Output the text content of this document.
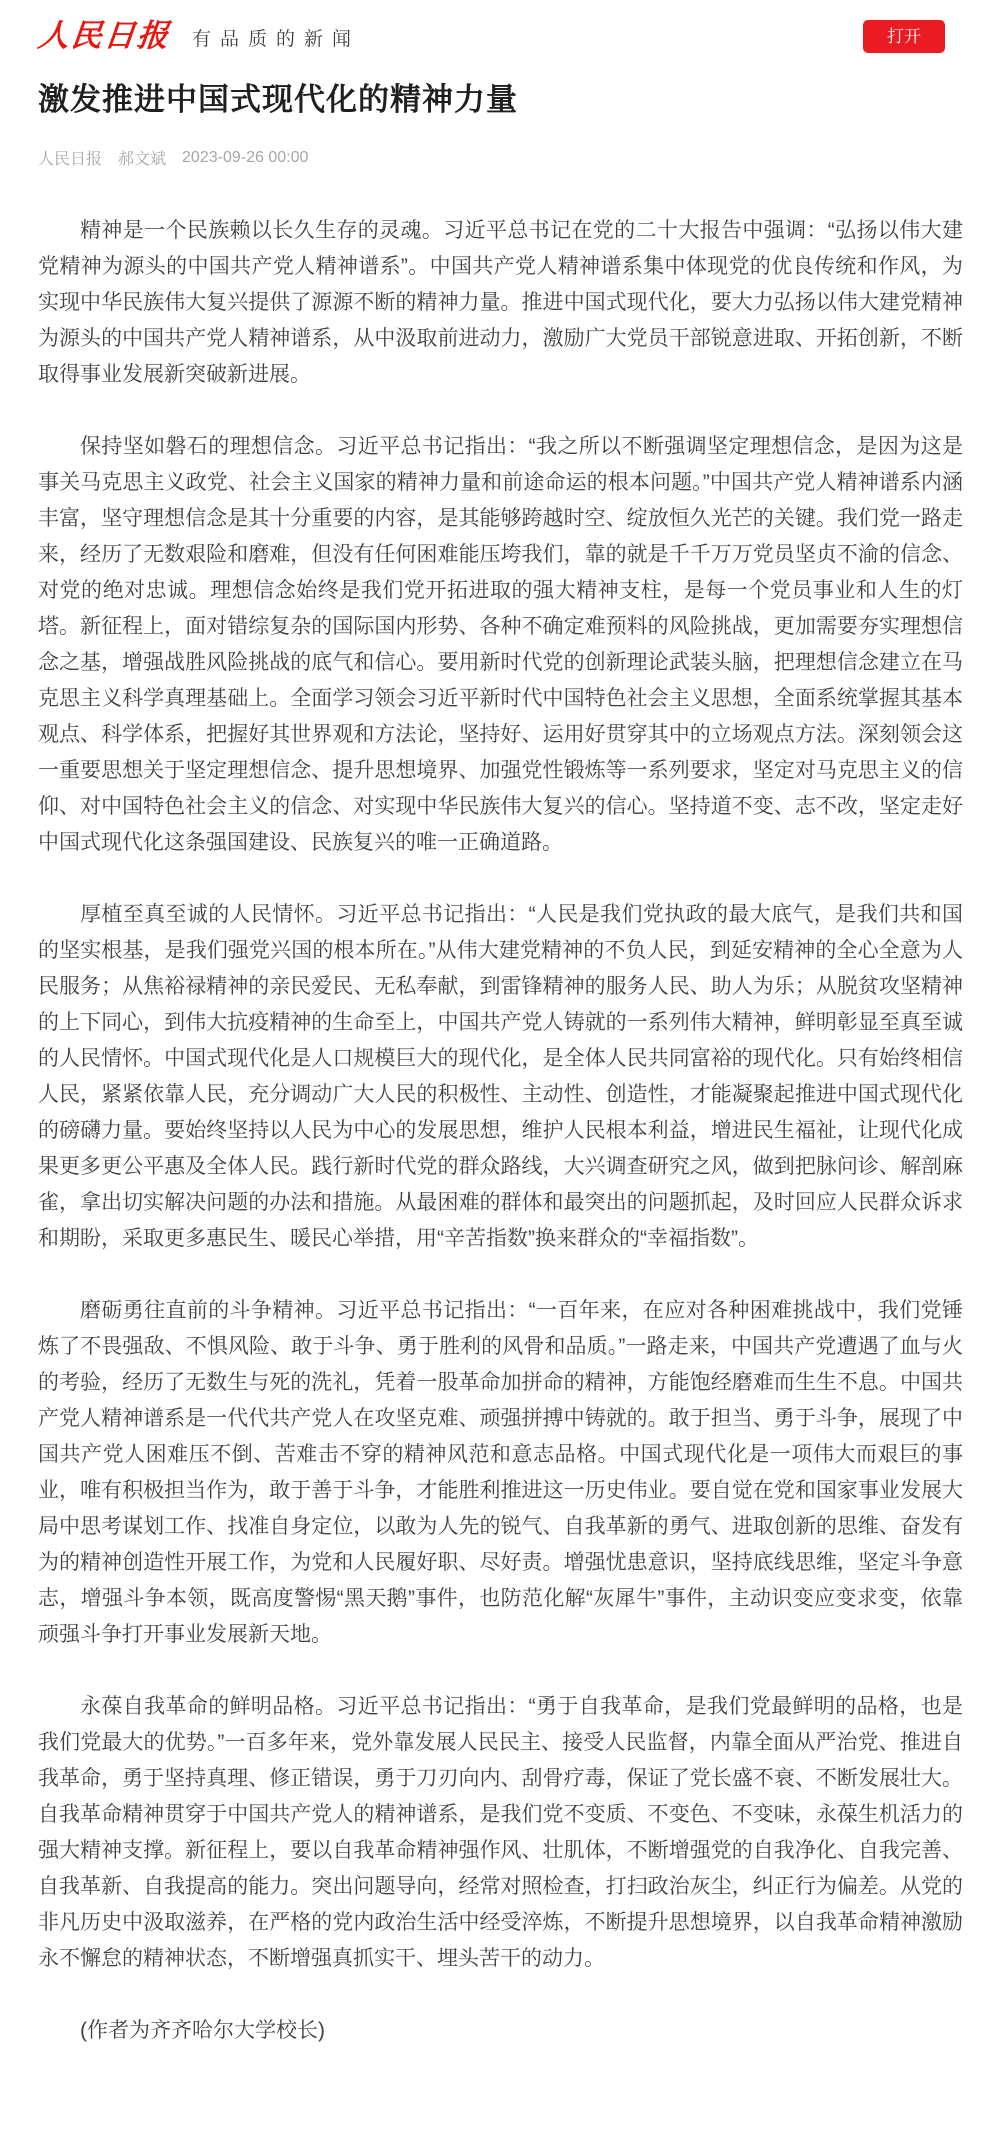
人民日报 有品质的新闻	打开
激发推进中国式现代化的精神力量
人民日报 郝文斌 2023-09-26 00:00

精神是一个民族赖以长久生存的灵魂。习近平总书记在党的二十大报告中强调：“弘扬以伟大建党精神为源头的中国共产党人精神谱系”。中国共产党人精神谱系集中体现党的优良传统和作风，为实现中华民族伟大复兴提供了源源不断的精神力量。推进中国式现代化，要大力弘扬以伟大建党精神为源头的中国共产党人精神谱系，从中汲取前进动力，激励广大党员干部锐意进取、开拓创新，不断取得事业发展新突破新进展。

保持坚如磐石的理想信念。习近平总书记指出：“我之所以不断强调坚定理想信念，是因为这是事关马克思主义政党、社会主义国家的精神力量和前途命运的根本问题。”中国共产党人精神谱系内涵丰富，坚守理想信念是其十分重要的内容，是其能够跨越时空、绽放恒久光芒的关键。我们党一路走来，经历了无数艰险和磨难，但没有任何困难能压垮我们，靠的就是千千万万党员坚贞不渝的信念、对党的绝对忠诚。理想信念始终是我们党开拓进取的强大精神支柱，是每一个党员事业和人生的灯塔。新征程上，面对错综复杂的国际国内形势、各种不确定难预料的风险挑战，更加需要夯实理想信念之基，增强战胜风险挑战的底气和信心。要用新时代党的创新理论武装头脑，把理想信念建立在马克思主义科学真理基础上。全面学习领会习近平新时代中国特色社会主义思想，全面系统掌握其基本观点、科学体系，把握好其世界观和方法论，坚持好、运用好贯穿其中的立场观点方法。深刻领会这一重要思想关于坚定理想信念、提升思想境界、加强党性锻炼等一系列要求，坚定对马克思主义的信仰、对中国特色社会主义的信念、对实现中华民族伟大复兴的信心。坚持道不变、志不改，坚定走好中国式现代化这条强国建设、民族复兴的唯一正确道路。

厚植至真至诚的人民情怀。习近平总书记指出：“人民是我们党执政的最大底气，是我们共和国的坚实根基，是我们强党兴国的根本所在。”从伟大建党精神的不负人民，到延安精神的全心全意为人民服务；从焦裕禄精神的亲民爱民、无私奉献，到雷锋精神的服务人民、助人为乐；从脱贫攻坚精神的上下同心，到伟大抗疫精神的生命至上，中国共产党人铸就的一系列伟大精神，鲜明彰显至真至诚的人民情怀。中国式现代化是人口规模巨大的现代化，是全体人民共同富裕的现代化。只有始终相信人民，紧紧依靠人民，充分调动广大人民的积极性、主动性、创造性，才能凝聚起推进中国式现代化的磅礴力量。要始终坚持以人民为中心的发展思想，维护人民根本利益，增进民生福祉，让现代化成果更多更公平惠及全体人民。践行新时代党的群众路线，大兴调查研究之风，做到把脉问诊、解剖麻雀，拿出切实解决问题的办法和措施。从最困难的群体和最突出的问题抓起，及时回应人民群众诉求和期盼，采取更多惠民生、暖民心举措，用“辛苦指数”换来群众的“幸福指数”。

磨砺勇往直前的斗争精神。习近平总书记指出：“一百年来，在应对各种困难挑战中，我们党锤炼了不畏强敌、不惧风险、敢于斗争、勇于胜利的风骨和品质。”一路走来，中国共产党遭遇了血与火的考验，经历了无数生与死的洗礼，凭着一股革命加拼命的精神，方能饱经磨难而生生不息。中国共产党人精神谱系是一代代共产党人在攻坚克难、顽强拼搏中铸就的。敢于担当、勇于斗争，展现了中国共产党人困难压不倒、苦难击不穿的精神风范和意志品格。中国式现代化是一项伟大而艰巨的事业，唯有积极担当作为，敢于善于斗争，才能胜利推进这一历史伟业。要自觉在党和国家事业发展大局中思考谋划工作、找准自身定位，以敢为人先的锐气、自我革新的勇气、进取创新的思维、奋发有为的精神创造性开展工作，为党和人民履好职、尽好责。增强忧患意识，坚持底线思维，坚定斗争意志，增强斗争本领，既高度警惕“黑天鹅”事件，也防范化解“灰犀牛”事件，主动识变应变求变，依靠顽强斗争打开事业发展新天地。

永葆自我革命的鲜明品格。习近平总书记指出：“勇于自我革命，是我们党最鲜明的品格，也是我们党最大的优势。”一百多年来，党外靠发展人民民主、接受人民监督，内靠全面从严治党、推进自我革命，勇于坚持真理、修正错误，勇于刀刃向内、刮骨疗毒，保证了党长盛不衰、不断发展壮大。自我革命精神贯穿于中国共产党人的精神谱系，是我们党不变质、不变色、不变味，永葆生机活力的强大精神支撑。新征程上，要以自我革命精神强作风、壮肌体，不断增强党的自我净化、自我完善、自我革新、自我提高的能力。突出问题导向，经常对照检查，打扫政治灰尘，纠正行为偏差。从党的非凡历史中汲取滋养，在严格的党内政治生活中经受淬炼，不断提升思想境界，以自我革命精神激励永不懈怠的精神状态，不断增强真抓实干、埋头苦干的动力。

(作者为齐齐哈尔大学校长)
